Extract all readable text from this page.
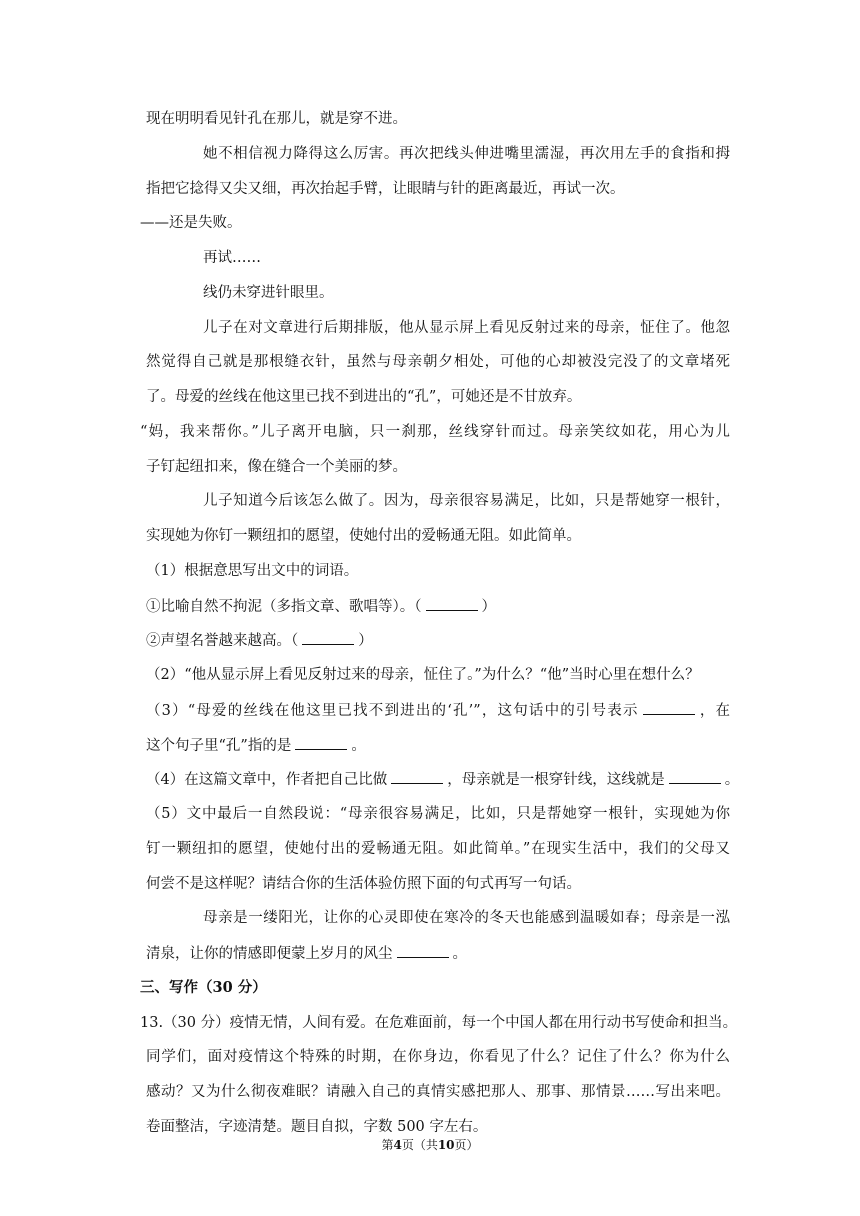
现在明明看见针孔在那儿，就是穿不进。
她不相信视力降得这么厉害。再次把线头伸进嘴里濡湿，再次用左手的食指和拇
指把它捻得又尖又细，再次抬起手臂，让眼睛与针的距离最近，再试一次。
——还是失败。
再试……
线仍未穿进针眼里。
儿子在对文章进行后期排版，他从显示屏上看见反射过来的母亲，怔住了。他忽
然觉得自己就是那根缝衣针，虽然与母亲朝夕相处，可他的心却被没完没了的文章堵死
了。母爱的丝线在他这里已找不到进出的“孔”，可她还是不甘放弃。
“妈，我来帮你。”儿子离开电脑，只一刹那，丝线穿针而过。母亲笑纹如花，用心为儿
子钉起纽扣来，像在缝合一个美丽的梦。
儿子知道今后该怎么做了。因为，母亲很容易满足，比如，只是帮她穿一根针，
实现她为你钉一颗纽扣的愿望，使她付出的爱畅通无阻。如此简单。
（1）根据意思写出文中的词语。
①比喻自然不拘泥（多指文章、歌唱等）。（	）
②声望名誉越来越高。（	）
（2）“他从显示屏上看见反射过来的母亲，怔住了。”为什么？“他”当时心里在想什么？
（3）“母爱的丝线在他这里已找不到进出的‘孔’”，这句话中的引号表示	，在
这个句子里“孔”指的是	。
（4）在这篇文章中，作者把自己比做	，母亲就是一根穿针线，这线就是	。
（5）文中最后一自然段说：“母亲很容易满足，比如，只是帮她穿一根针，实现她为你
钉一颗纽扣的愿望，使她付出的爱畅通无阻。如此简单。”在现实生活中，我们的父母又
何尝不是这样呢？请结合你的生活体验仿照下面的句式再写一句话。
母亲是一缕阳光，让你的心灵即使在寒冷的冬天也能感到温暖如春；母亲是一泓
清泉，让你的情感即便蒙上岁月的风尘	。
三、写作（30 分）
13.（30 分）疫情无情，人间有爱。在危难面前，每一个中国人都在用行动书写使命和担当。
同学们，面对疫情这个特殊的时期，在你身边，你看见了什么？记住了什么？你为什么
感动？又为什么彻夜难眠？请融入自己的真情实感把那人、那事、那情景……写出来吧。
卷面整洁，字迹清楚。题目自拟，字数 500 字左右。
第4页（共10页）
